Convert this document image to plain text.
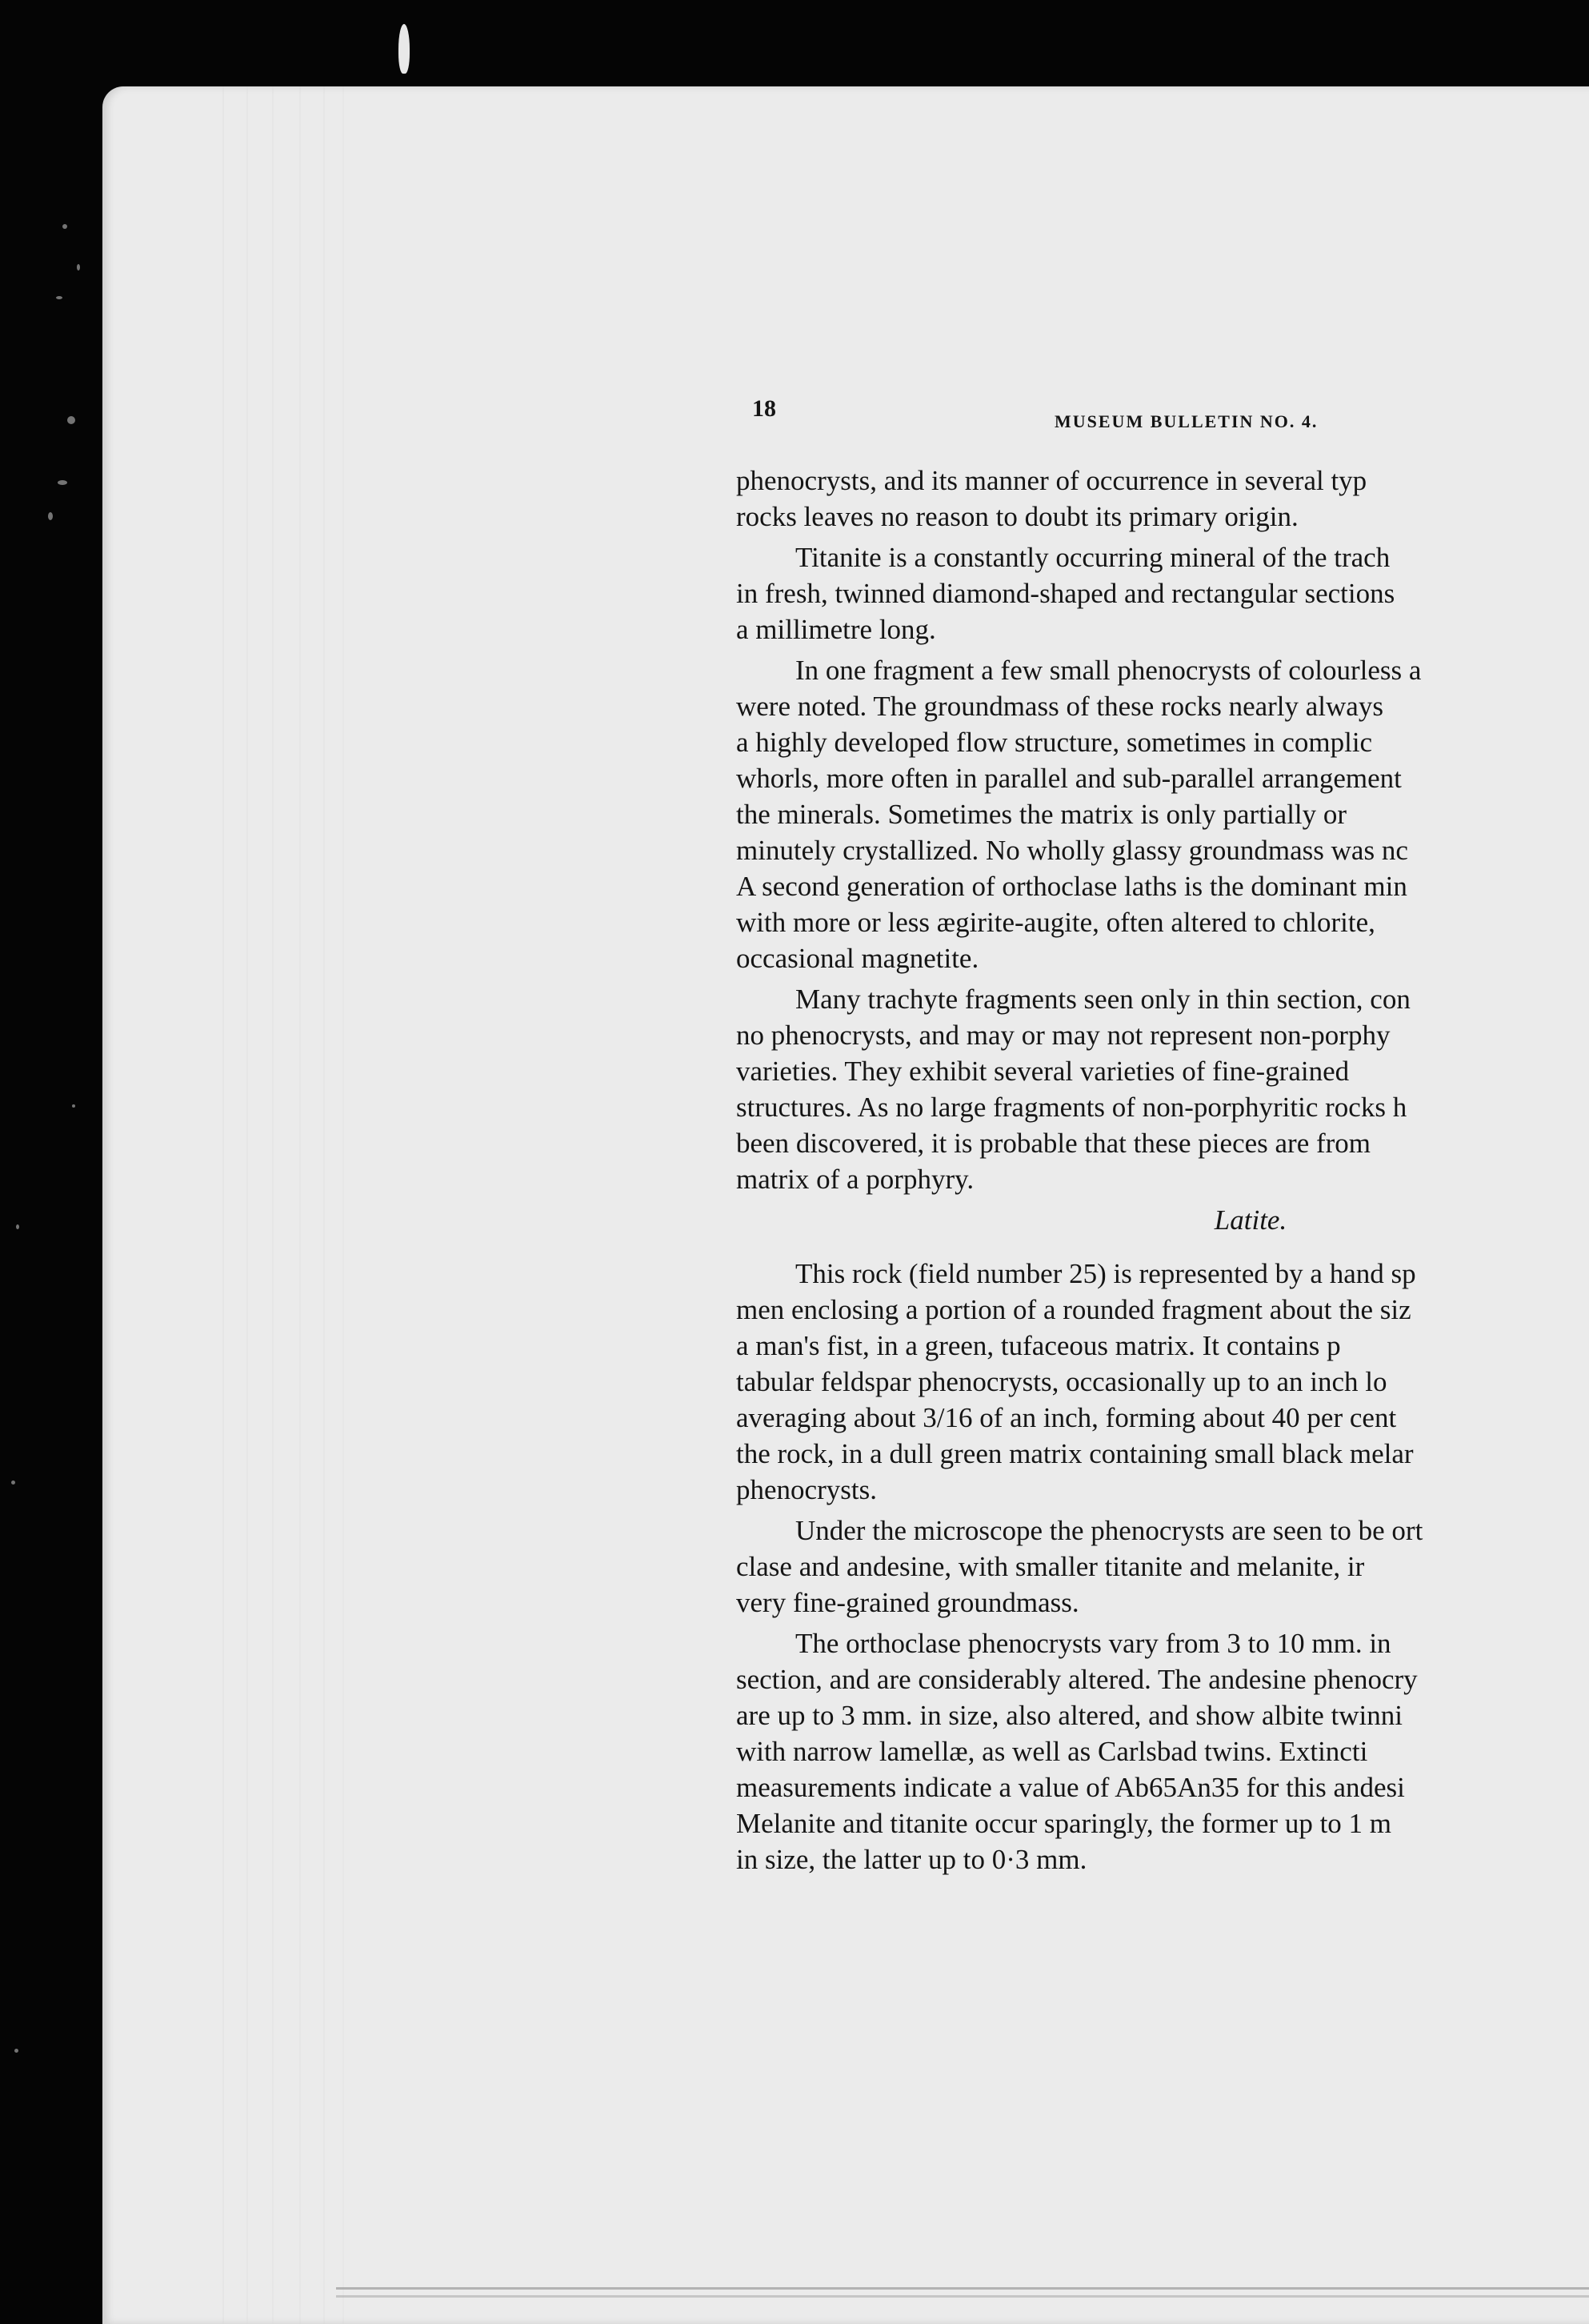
18	MUSEUM BULLETIN NO. 4.
phenocrysts, and its manner of occurrence in several typ
rocks leaves no reason to doubt its primary origin.
Titanite is a constantly occurring mineral of the trach
in fresh, twinned diamond-shaped and rectangular sections
a millimetre long.
In one fragment a few small phenocrysts of colourless a
were noted. The groundmass of these rocks nearly always
a highly developed flow structure, sometimes in complic
whorls, more often in parallel and sub-parallel arrangement
the minerals. Sometimes the matrix is only partially or
minutely crystallized. No wholly glassy groundmass was nc
A second generation of orthoclase laths is the dominant min
with more or less ægirite-augite, often altered to chlorite,
occasional magnetite.
Many trachyte fragments seen only in thin section, con
no phenocrysts, and may or may not represent non-porphy
varieties. They exhibit several varieties of fine-grained
structures. As no large fragments of non-porphyritic rocks h
been discovered, it is probable that these pieces are from
matrix of a porphyry.
Latite.
This rock (field number 25) is represented by a hand sp
men enclosing a portion of a rounded fragment about the siz
a man's fist, in a green, tufaceous matrix. It contains p
tabular feldspar phenocrysts, occasionally up to an inch lo
averaging about 3/16 of an inch, forming about 40 per cent
the rock, in a dull green matrix containing small black melar
phenocrysts.
Under the microscope the phenocrysts are seen to be ort
clase and andesine, with smaller titanite and melanite, ir
very fine-grained groundmass.
The orthoclase phenocrysts vary from 3 to 10 mm. in
section, and are considerably altered. The andesine phenocry
are up to 3 mm. in size, also altered, and show albite twinni
with narrow lamellæ, as well as Carlsbad twins. Extincti
measurements indicate a value of Ab65An35 for this andesi
Melanite and titanite occur sparingly, the former up to 1 m
in size, the latter up to 0·3 mm.
